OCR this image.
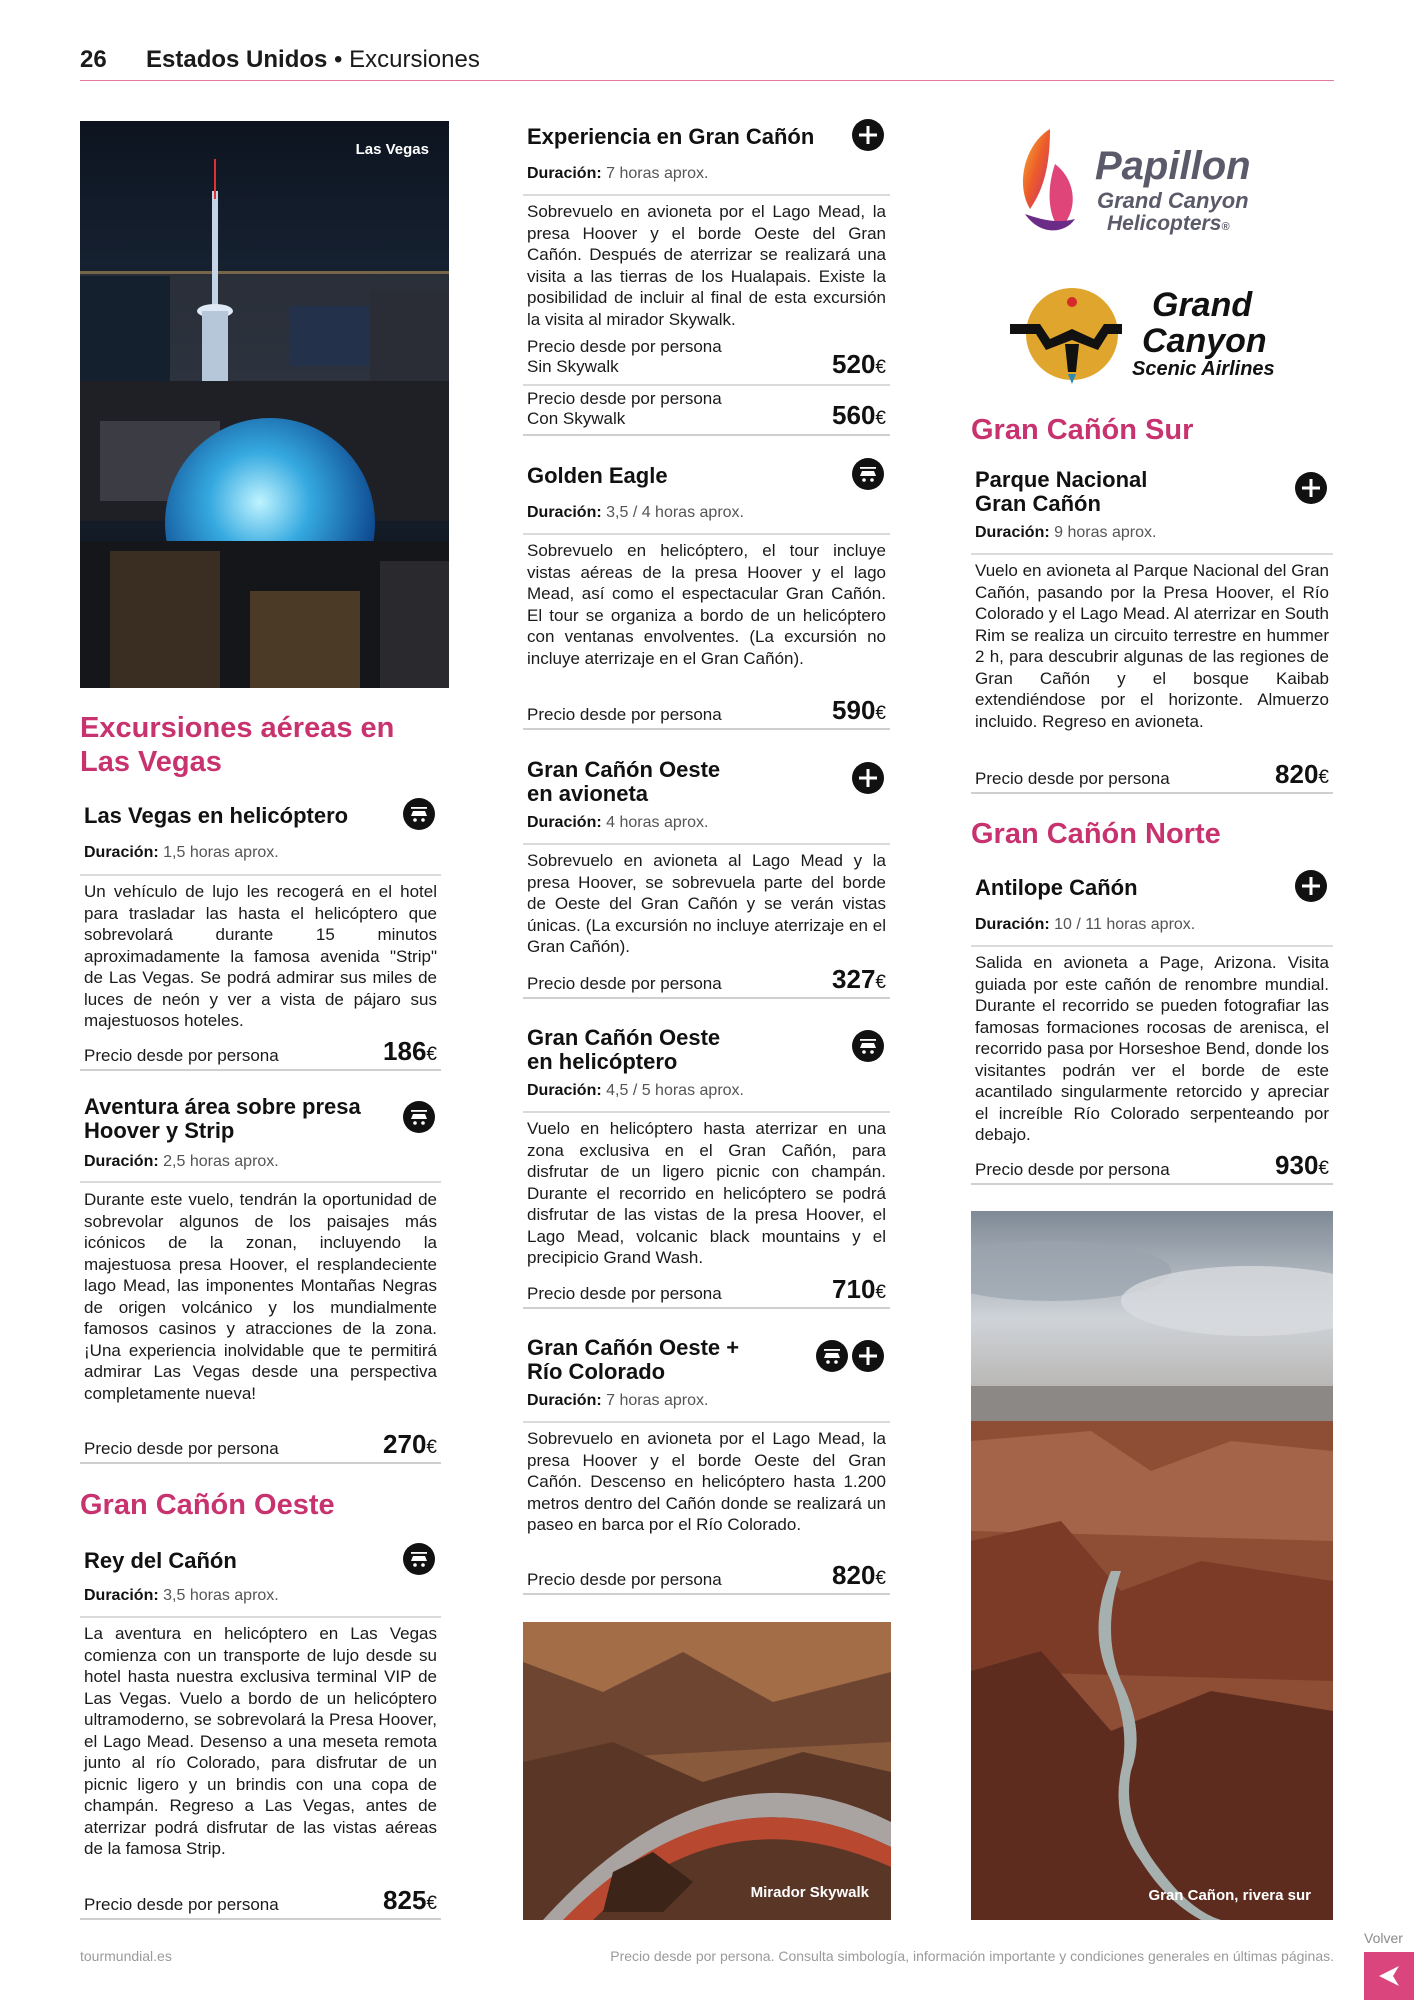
26 Estados Unidos • Excursiones
Las Vegas
Excursiones aéreas en
Las Vegas
Las Vegas en helicóptero
Duración: 1,5 horas aprox.

Un vehículo de lujo les recogerá en el hotel para trasladar las hasta el helicóptero que sobrevolará durante 15 minutos aproximadamente la famosa avenida "Strip" de Las Vegas. Se podrá admirar sus miles de luces de neón y ver a vista de pájaro sus majestuosos hoteles.

Precio desde por persona	186€
Aventura área sobre presa
Hoover y Strip
Duración: 2,5 horas aprox.

Durante este vuelo, tendrán la oportunidad de sobrevolar algunos de los paisajes más icónicos de la zonan, incluyendo la majestuosa presa Hoover, el resplandeciente lago Mead, las imponentes Montañas Negras de origen volcánico y los mundialmente famosos casinos y atracciones de la zona. ¡Una experiencia inolvidable que te permitirá admirar Las Vegas desde una perspectiva completamente nueva!

Precio desde por persona	270€
Gran Cañón Oeste
Rey del Cañón
Duración: 3,5 horas aprox.

La aventura en helicóptero en Las Vegas comienza con un transporte de lujo desde su hotel hasta nuestra exclusiva terminal VIP de Las Vegas. Vuelo a bordo de un helicóptero ultramoderno, se sobrevolará la Presa Hoover, el Lago Mead. Desenso a una meseta remota junto al río Colorado, para disfrutar de un picnic ligero y un brindis con una copa de champán. Regreso a Las Vegas, antes de aterrizar podrá disfrutar de las vistas aéreas de la famosa Strip.

Precio desde por persona	825€
Experiencia en Gran Cañón
Duración: 7 horas aprox.

Sobrevuelo en avioneta por el Lago Mead, la presa Hoover y el borde Oeste del Gran Cañón. Después de aterrizar se realizará una visita a las tierras de los Hualapais. Existe la posibilidad de incluir al final de esta excursión la visita al mirador Skywalk.

Precio desde por persona
Sin Skywalk	520€
Precio desde por persona
Con Skywalk	560€
Golden Eagle
Duración: 3,5 / 4 horas aprox.

Sobrevuelo en helicóptero, el tour incluye vistas aéreas de la presa Hoover y el lago Mead, así como el espectacular Gran Cañón. El tour se organiza a bordo de un helicóptero con ventanas envolventes. (La excursión no incluye aterrizaje en el Gran Cañón).

Precio desde por persona	590€
Gran Cañón Oeste
en avioneta
Duración: 4 horas aprox.

Sobrevuelo en avioneta al Lago Mead y la presa Hoover, se sobrevuela parte del borde de Oeste del Gran Cañón y se verán vistas únicas. (La excursión no incluye aterrizaje en el Gran Cañón).

Precio desde por persona	327€
Gran Cañón Oeste
en helicóptero
Duración: 4,5 / 5 horas aprox.

Vuelo en helicóptero hasta aterrizar en una zona exclusiva en el Gran Cañón, para disfrutar de un ligero picnic con champán. Durante el recorrido en helicóptero se podrá disfrutar de las vistas de la presa Hoover, el Lago Mead, volcanic black mountains y el precipicio Grand Wash.

Precio desde por persona	710€
Gran Cañón Oeste +
Río Colorado
Duración: 7 horas aprox.

Sobrevuelo en avioneta por el Lago Mead, la presa Hoover y el borde Oeste del Gran Cañón. Descenso en helicóptero hasta 1.200 metros dentro del Cañón donde se realizará un paseo en barca por el Río Colorado.

Precio desde por persona	820€
Mirador Skywalk
Papillon
Grand Canyon
Helicopters®
Grand
Canyon
Scenic Airlines
Gran Cañón Sur
Parque Nacional
Gran Cañón
Duración: 9 horas aprox.

Vuelo en avioneta al Parque Nacional del Gran Cañón, pasando por la Presa Hoover, el Río Colorado y el Lago Mead. Al aterrizar en South Rim se realiza un circuito terrestre en hummer 2 h, para descubrir algunas de las regiones de Gran Cañón y el bosque Kaibab extendiéndose por el horizonte. Almuerzo incluido. Regreso en avioneta.

Precio desde por persona	820€
Gran Cañón Norte
Antilope Cañón
Duración: 10 / 11 horas aprox.

Salida en avioneta a Page, Arizona. Visita guiada por este cañón de renombre mundial. Durante el recorrido se pueden fotografiar las famosas formaciones rocosas de arenisca, el recorrido pasa por Horseshoe Bend, donde los visitantes podrán ver el borde de este acantilado singularmente retorcido y apreciar el increíble Río Colorado serpenteando por debajo.

Precio desde por persona	930€
Gran Cañon, rivera sur
tourmundial.es	Precio desde por persona. Consulta simbología, información importante y condiciones generales en últimas páginas.
Volver
